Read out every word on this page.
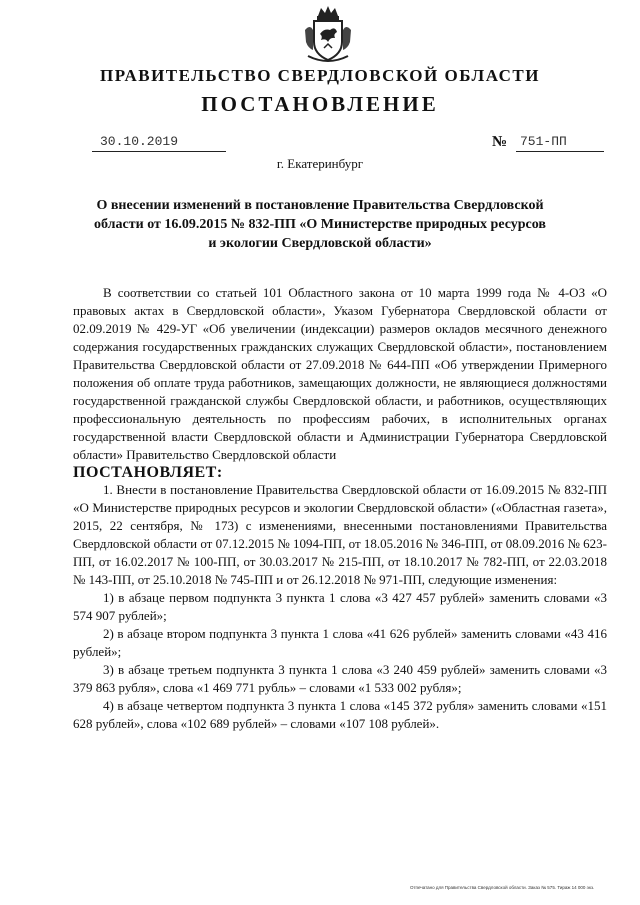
ПРАВИТЕЛЬСТВО СВЕРДЛОВСКОЙ ОБЛАСТИ
ПОСТАНОВЛЕНИЕ
30.10.2019	№ 751-ПП
г. Екатеринбург
О внесении изменений в постановление Правительства Свердловской области от 16.09.2015 № 832-ПП «О Министерстве природных ресурсов и экологии Свердловской области»

В соответствии со статьей 101 Областного закона от 10 марта 1999 года № 4-ОЗ «О правовых актах в Свердловской области», Указом Губернатора Свердловской области от 02.09.2019 № 429-УГ «Об увеличении (индексации) размеров окладов месячного денежного содержания государственных гражданских служащих Свердловской области», постановлением Правительства Свердловской области от 27.09.2018 № 644-ПП «Об утверждении Примерного положения об оплате труда работников, замещающих должности, не являющиеся должностями государственной гражданской службы Свердловской области, и работников, осуществляющих профессиональную деятельность по профессиям рабочих, в исполнительных органах государственной власти Свердловской области и Администрации Губернатора Свердловской области» Правительство Свердловской области

ПОСТАНОВЛЯЕТ:

1. Внести в постановление Правительства Свердловской области от 16.09.2015 № 832-ПП «О Министерстве природных ресурсов и экологии Свердловской области» («Областная газета», 2015, 22 сентября, № 173) с изменениями, внесенными постановлениями Правительства Свердловской области от 07.12.2015 № 1094-ПП, от 18.05.2016 № 346-ПП, от 08.09.2016 № 623-ПП, от 16.02.2017 № 100-ПП, от 30.03.2017 № 215-ПП, от 18.10.2017 № 782-ПП, от 22.03.2018 № 143-ПП, от 25.10.2018 № 745-ПП и от 26.12.2018 № 971-ПП, следующие изменения:

1) в абзаце первом подпункта 3 пункта 1 слова «3 427 457 рублей» заменить словами «3 574 907 рублей»;

2) в абзаце втором подпункта 3 пункта 1 слова «41 626 рублей» заменить словами «43 416 рублей»;

3) в абзаце третьем подпункта 3 пункта 1 слова «3 240 459 рублей» заменить словами «3 379 863 рубля», слова «1 469 771 рубль» – словами «1 533 002 рубля»;

4) в абзаце четвертом подпункта 3 пункта 1 слова «145 372 рубля» заменить словами «151 628 рублей», слова «102 689 рублей» – словами «107 108 рублей».

Отпечатано для Правительства Свердловской области. Заказ № 575. Тираж 14 000 экз.
